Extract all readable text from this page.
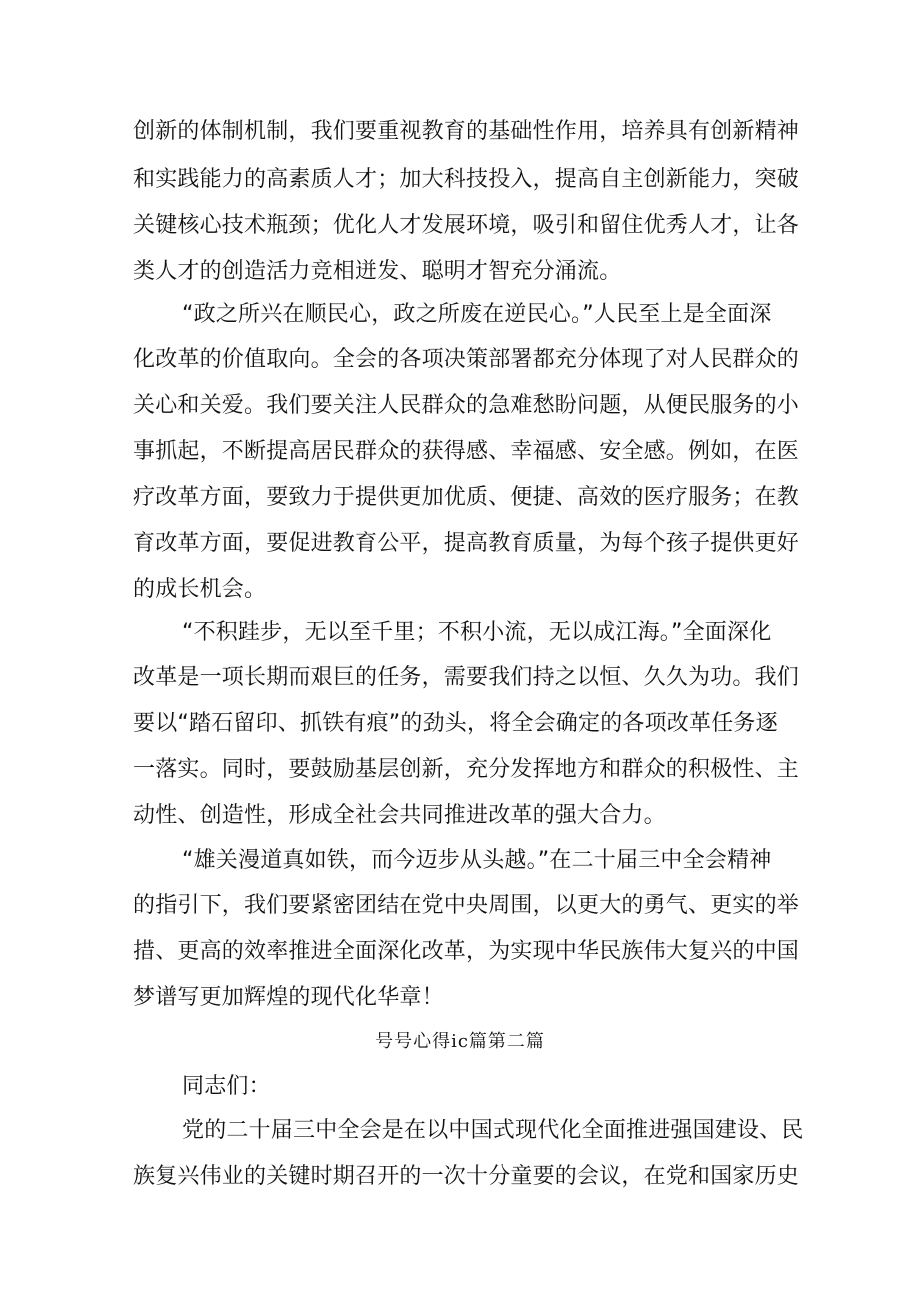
创新的体制机制，我们要重视教育的基础性作用，培养具有创新精神
和实践能力的高素质人才；加大科技投入，提高自主创新能力，突破
关键核心技术瓶颈；优化人才发展环境，吸引和留住优秀人才，让各
类人才的创造活力竞相迸发、聪明才智充分涌流。
“政之所兴在顺民心，政之所废在逆民心。”人民至上是全面深
化改革的价值取向。全会的各项决策部署都充分体现了对人民群众的
关心和关爱。我们要关注人民群众的急难愁盼问题，从便民服务的小
事抓起，不断提高居民群众的获得感、幸福感、安全感。例如，在医
疗改革方面，要致力于提供更加优质、便捷、高效的医疗服务；在教
育改革方面，要促进教育公平，提高教育质量，为每个孩子提供更好
的成长机会。
“不积跬步，无以至千里；不积小流，无以成江海。”全面深化
改革是一项长期而艰巨的任务，需要我们持之以恒、久久为功。我们
要以“踏石留印、抓铁有痕”的劲头，将全会确定的各项改革任务逐
一落实。同时，要鼓励基层创新，充分发挥地方和群众的积极性、主
动性、创造性，形成全社会共同推进改革的强大合力。
“雄关漫道真如铁，而今迈步从头越。”在二十届三中全会精神
的指引下，我们要紧密团结在党中央周围，以更大的勇气、更实的举
措、更高的效率推进全面深化改革，为实现中华民族伟大复兴的中国
梦谱写更加辉煌的现代化华章！
号号心得ic篇第二篇
同志们：
党的二十届三中全会是在以中国式现代化全面推进强国建设、民
族复兴伟业的关键时期召开的一次十分童要的会议，在党和国家历史
